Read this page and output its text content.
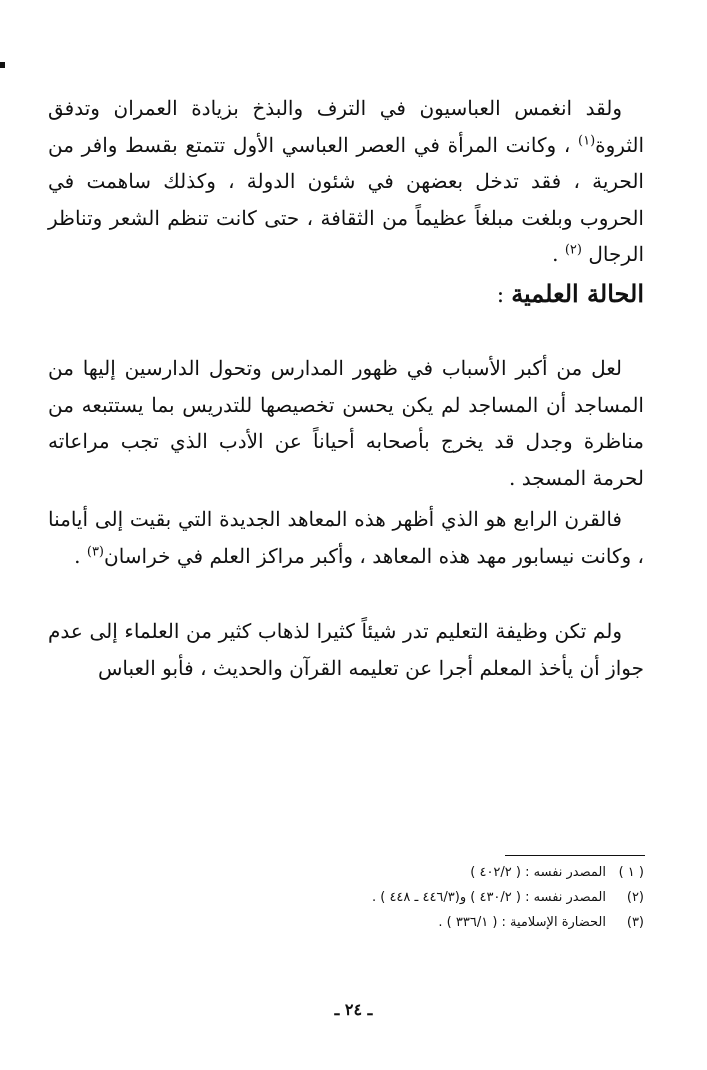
ولقد انغمس العباسيون في الترف والبذخ بزيادة العمران وتدفق الثروة$^{(١)}$ ، وكانت المرأة في العصر العباسي الأول تتمتع بقسط وافر من الحرية ، فقد تدخل بعضهن في شئون الدولة ، وكذلك ساهمت في الحروب وبلغت مبلغاً عظيماً من الثقافة ، حتى كانت تنظم الشعر وتناظر الرجال $^{(٢)}$ .

الحالة العلمية :

لعل من أكبر الأسباب في ظهور المدارس وتحول الدارسين إليها من المساجد أن المساجد لم يكن يحسن تخصيصها للتدريس بما يستتبعه من مناظرة وجدل قد يخرج بأصحابه أحياناً عن الأدب الذي تجب مراعاته لحرمة المسجد .

فالقرن الرابع هو الذي أظهر هذه المعاهد الجديدة التي بقيت إلى أيامنا ، وكانت نيسابور مهد هذه المعاهد ، وأكبر مراكز العلم في خراسان$^{(٣)}$ .

ولم تكن وظيفة التعليم تدر شيئاً كثيرا لذهاب كثير من العلماء إلى عدم جواز أن يأخذ المعلم أجرا عن تعليمه القرآن والحديث ، فأبو العباس

( ١ )
المصدر نفسه : ( ٤٠٢/٢ )
(٢)
المصدر نفسه : ( ٤٣٠/٢ ) و(٤٤٦/٣ ـ ٤٤٨ ) .
(٣)
الحضارة الإسلامية : ( ٣٣٦/١ ) .
ـ ٢٤ ـ
